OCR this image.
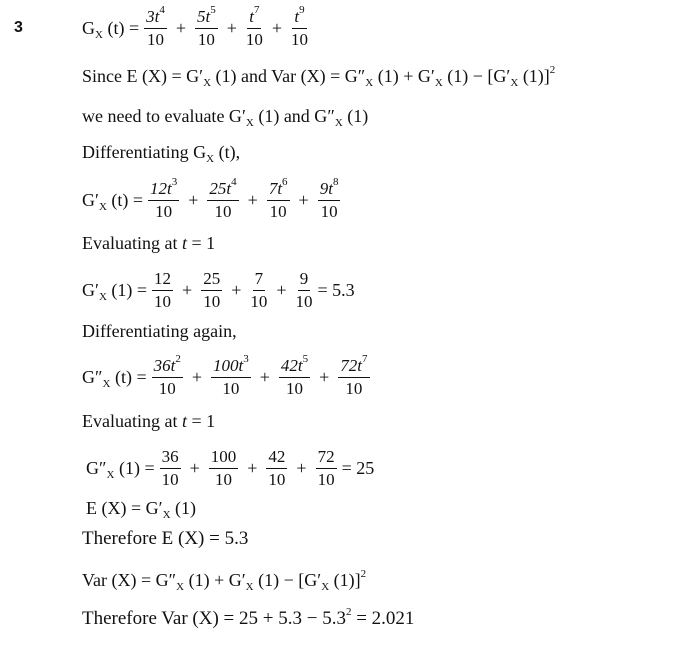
3	$G_X$ $(t) = \frac{3t^4}{10} + \frac{5t^5}{10} + \frac{t^7}{10} + \frac{t^9}{10}$
Since E $(X) = G'_X$ (1) and Var $(X) = G''_X$ $(1) + G'_X$ $(1) - [G'_X$ (1)]$^2$
we need to evaluate $G'_X$ (1) and $G''_X$ (1)
Differentiating $G_X$ (t),
$G'_X$ $(t) = \frac{12t^3}{10} + \frac{25t^4}{10} + \frac{7t^6}{10} + \frac{9t^8}{10}$
Evaluating at t = 1
$G'_X$ $(1) = \frac{12}{10} + \frac{25}{10} + \frac{7}{10} + \frac{9}{10} = 5.3$
Differentiating again,
$G''_X$ $(t) = \frac{36t^2}{10} + \frac{100t^3}{10} + \frac{42t^5}{10} + \frac{72t^7}{10}$
Evaluating at t = 1
$G''_X$ $(1) = \frac{36}{10} + \frac{100}{10} + \frac{42}{10} + \frac{72}{10} = 25$
E $(X) = G'_X$ (1)
Therefore E (X) = 5.3
Var $(X) = G''_X$ $(1) + G'_X$ $(1) - [G'_X$ (1)]$^2$
Therefore Var $(X) = 25 + 5.3 - 5.3^2 = 2.021$
